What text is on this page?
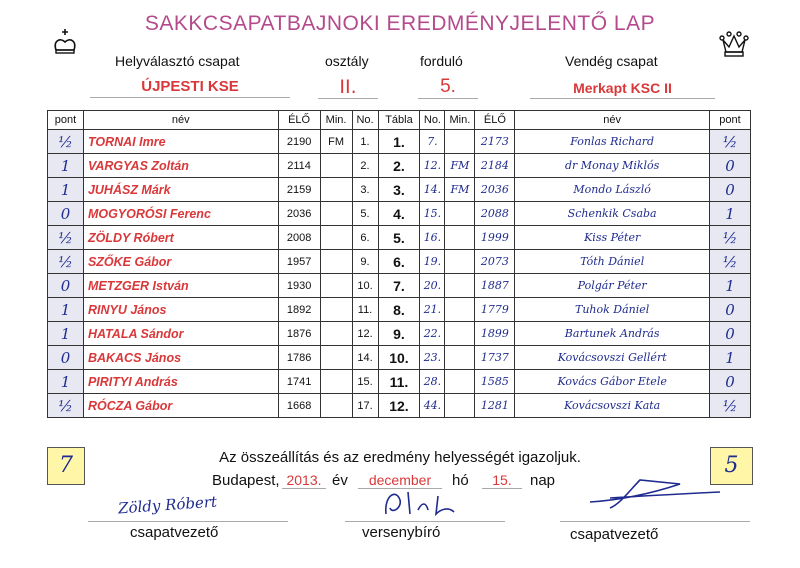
SAKKCSAPATBAJNOKI EREDMÉNYJELENTŐ LAP
Helyválasztó csapat
ÚJPESTI KSE
osztály
II.
forduló
5.
Vendég csapat
Merkapt KSC II
pont	név	ÉLŐ	Min.	No.	Tábla	No.	Min.	ÉLŐ	név	pont
½	TORNAI Imre	2190	FM	1.	1.	7.		2173	Fonlas Richard	½
1	VARGYAS Zoltán	2114		2.	2.	12.	FM	2184	dr Monay Miklós	0
1	JUHÁSZ Márk	2159		3.	3.	14.	FM	2036	Mondo László	0
0	MOGYORÓSI Ferenc	2036		5.	4.	15.		2088	Schenkik Csaba	1
½	ZÖLDY Róbert	2008		6.	5.	16.		1999	Kiss Péter	½
½	SZŐKE Gábor	1957		9.	6.	19.		2073	Tóth Dániel	½
0	METZGER István	1930		10.	7.	20.		1887	Polgár Péter	1
1	RINYU János	1892		11.	8.	21.		1779	Tuhok Dániel	0
1	HATALA Sándor	1876		12.	9.	22.		1899	Bartunek András	0
0	BAKACS János	1786		14.	10.	23.		1737	Kovácsovszi Gellért	1
1	PIRITYI András	1741		15.	11.	28.		1585	Kovács Gábor Etele	0
½	RÓCZA Gábor	1668		17.	12.	44.		1281	Kovácsovszi Kata	½
7	5
Az összeállítás és az eredmény helyességét igazoljuk.
Budapest, 2013. év	december	hó	15.	nap
Zöldy Róbert
csapatvezető	versenybíró	csapatvezető
